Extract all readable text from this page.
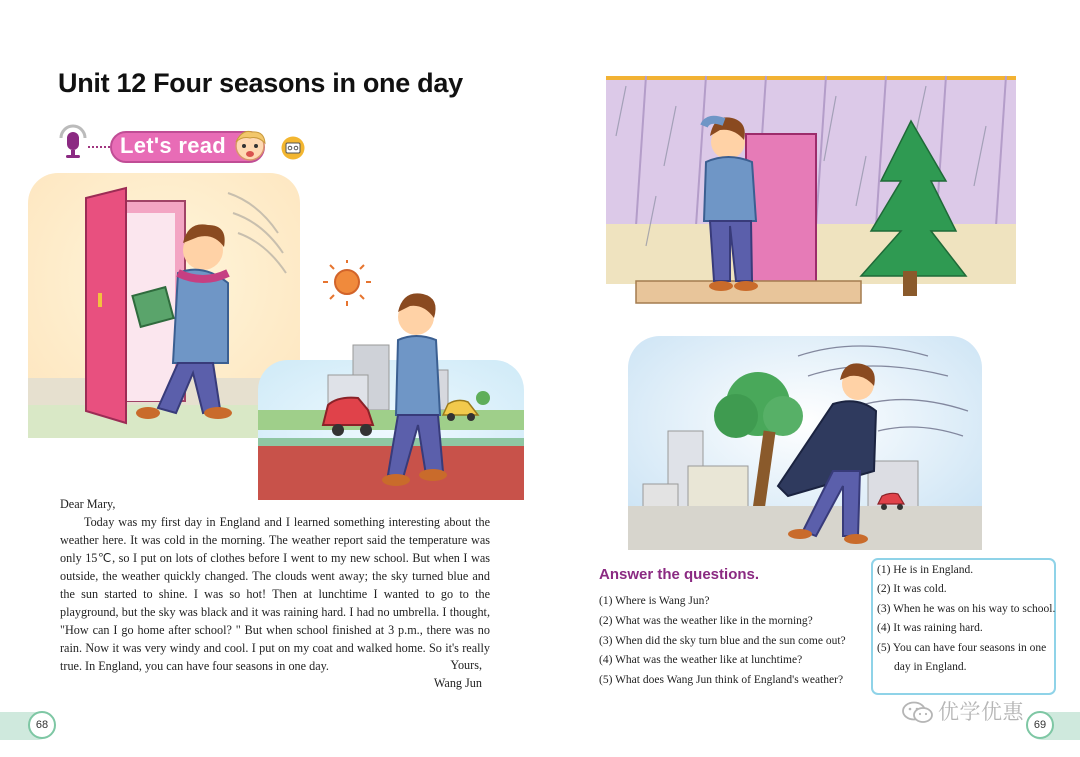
Unit 12 Four seasons in one day
Let's read

Dear Mary,

Today was my first day in England and I learned something interesting about the weather here. It was cold in the morning. The weather report said the temperature was only 15℃, so I put on lots of clothes before I went to my new school. But when I was outside, the weather quickly changed. The clouds went away; the sky turned blue and the sun started to shine. I was so hot! Then at lunchtime I wanted to go to the playground, but the sky was black and it was raining hard. I had no umbrella. I thought, "How can I go home after school? " But when school finished at 3 p.m., there was no rain. Now it was very windy and cool. I put on my coat and walked home. So it's really true. In England, you can have four seasons in one day.	Yours,
Wang Jun
Answer the questions.
(1) Where is Wang Jun?
(2) What was the weather like in the morning?
(3) When did the sky turn blue and the sun come out?
(4) What was the weather like at lunchtime?
(5) What does Wang Jun think of England's weather?
(1) He is in England.
(2) It was cold.
(3) When he was on his way to school.
(4) It was raining hard.
(5) You can have four seasons in one day in England.
68	69
优学优惠
